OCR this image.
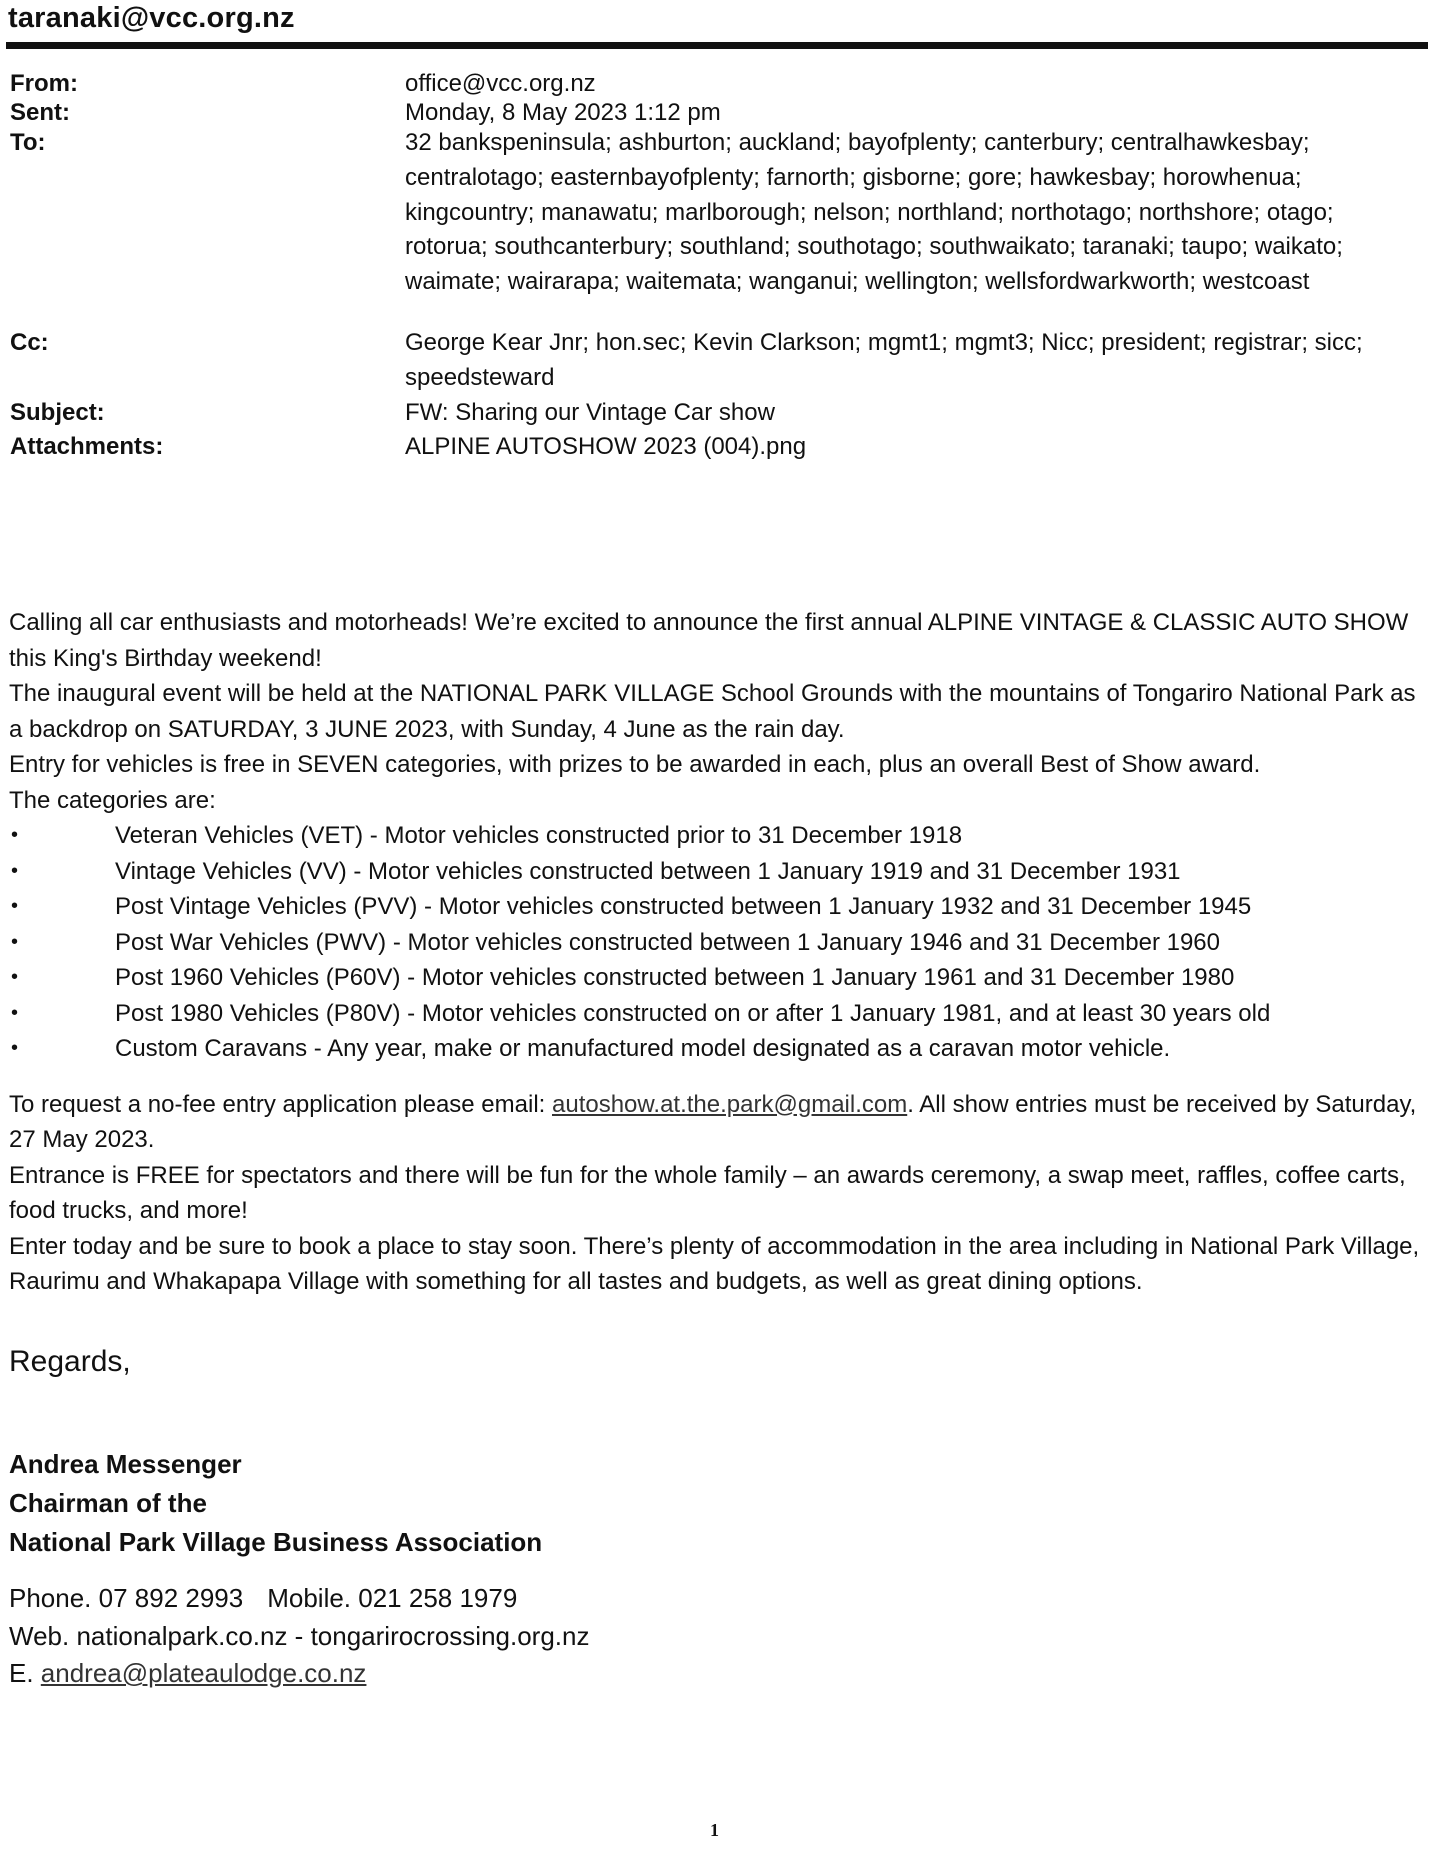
taranaki@vcc.org.nz
From:	office@vcc.org.nz
Sent:	Monday, 8 May 2023 1:12 pm
To:	32 bankspeninsula; ashburton; auckland; bayofplenty; canterbury; centralhawkesbay;
centralotago; easternbayofplenty; farnorth; gisborne; gore; hawkesbay; horowhenua;
kingcountry; manawatu; marlborough; nelson; northland; northotago; northshore; otago;
rotorua; southcanterbury; southland; southotago; southwaikato; taranaki; taupo; waikato;
waimate; wairarapa; waitemata; wanganui; wellington; wellsfordwarkworth; westcoast
Cc:	George Kear Jnr; hon.sec; Kevin Clarkson; mgmt1; mgmt3; Nicc; president; registrar; sicc;
speedsteward
Subject:	FW: Sharing our Vintage Car show
Attachments:	ALPINE AUTOSHOW 2023 (004).png

Calling all car enthusiasts and motorheads! We’re excited to announce the first annual ALPINE VINTAGE & CLASSIC AUTO SHOW this King's Birthday weekend!

The inaugural event will be held at the NATIONAL PARK VILLAGE School Grounds with the mountains of Tongariro National Park as a backdrop on SATURDAY, 3 JUNE 2023, with Sunday, 4 June as the rain day.

Entry for vehicles is free in SEVEN categories, with prizes to be awarded in each, plus an overall Best of Show award.

The categories are:

•	Veteran Vehicles (VET) - Motor vehicles constructed prior to 31 December 1918
•	Vintage Vehicles (VV) - Motor vehicles constructed between 1 January 1919 and 31 December 1931
•	Post Vintage Vehicles (PVV) - Motor vehicles constructed between 1 January 1932 and 31 December 1945
•	Post War Vehicles (PWV) - Motor vehicles constructed between 1 January 1946 and 31 December 1960
•	Post 1960 Vehicles (P60V) - Motor vehicles constructed between 1 January 1961 and 31 December 1980
•	Post 1980 Vehicles (P80V) - Motor vehicles constructed on or after 1 January 1981, and at least 30 years old
•	Custom Caravans - Any year, make or manufactured model designated as a caravan motor vehicle.

To request a no-fee entry application please email: autoshow.at.the.park@gmail.com. All show entries must be received by Saturday, 27 May 2023.

Entrance is FREE for spectators and there will be fun for the whole family – an awards ceremony, a swap meet, raffles, coffee carts, food trucks, and more!

Enter today and be sure to book a place to stay soon. There’s plenty of accommodation in the area including in National Park Village, Raurimu and Whakapapa Village with something for all tastes and budgets, as well as great dining options.

Regards,
Andrea Messenger
Chairman of the
National Park Village Business Association
Phone. 07 892 2993 Mobile. 021 258 1979
Web. nationalpark.co.nz - tongarirocrossing.org.nz
E. andrea@plateaulodge.co.nz
1
